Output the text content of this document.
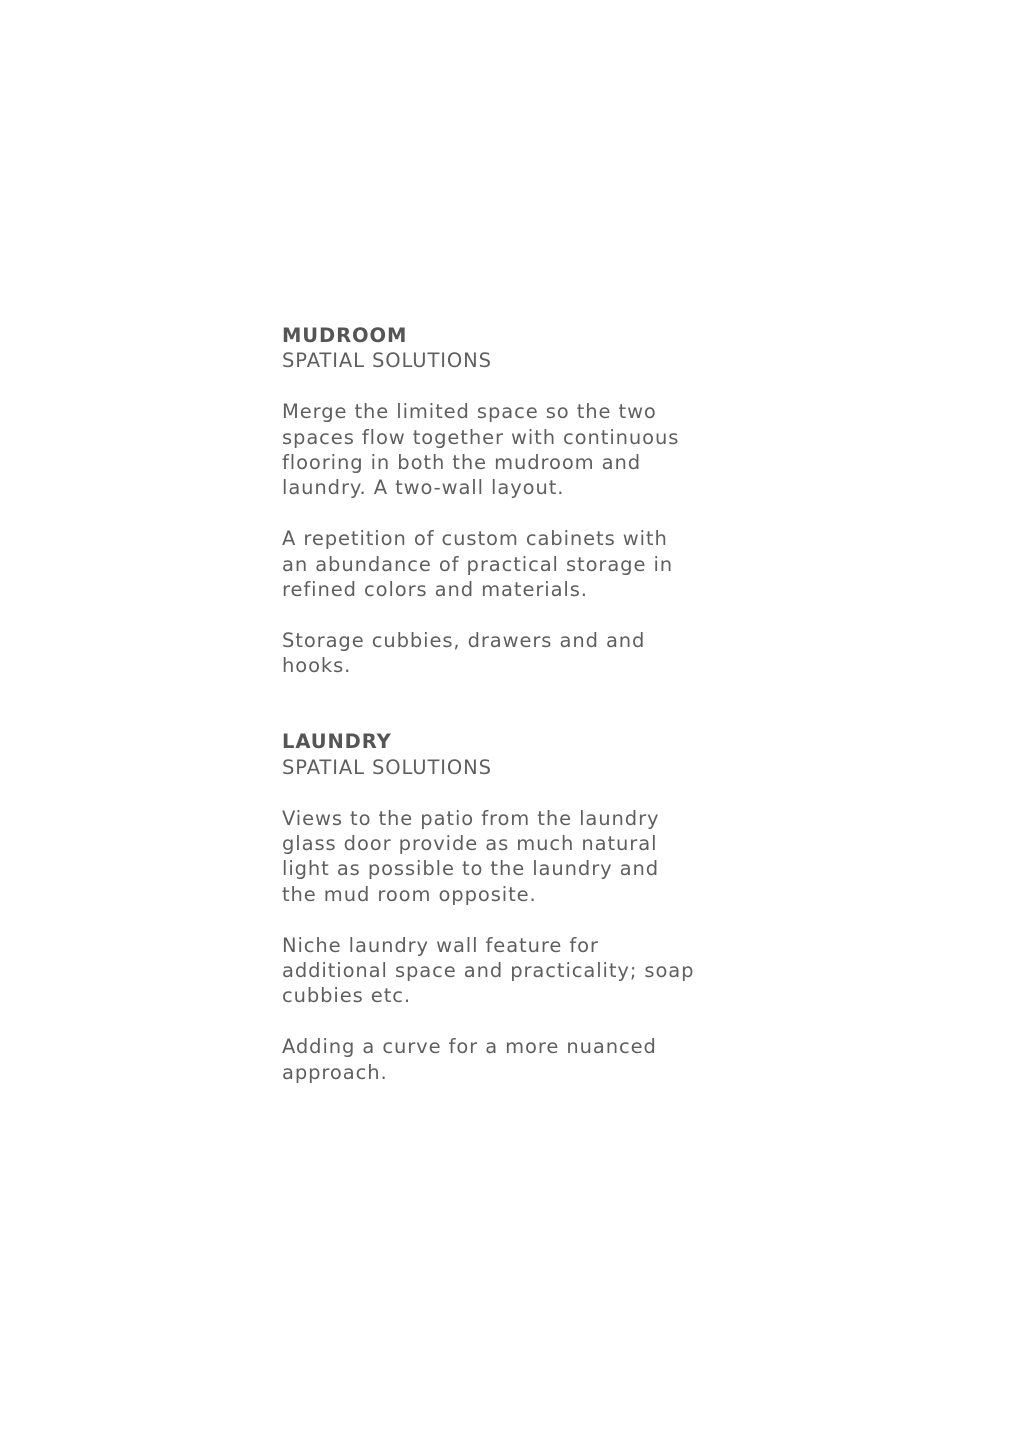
MUDROOM

SPATIAL SOLUTIONS

Merge the limited space so the two

spaces flow together with continuous

flooring in both the mudroom and

laundry. A two-wall layout.

A repetition of custom cabinets with

an abundance of practical storage in

refined colors and materials.

Storage cubbies, drawers and and

hooks.

LAUNDRY

SPATIAL SOLUTIONS

Views to the patio from the laundry

glass door provide as much natural

light as possible to the laundry and

the mud room opposite.

Niche laundry wall feature for

additional space and practicality; soap

cubbies etc.

Adding a curve for a more nuanced

approach.
